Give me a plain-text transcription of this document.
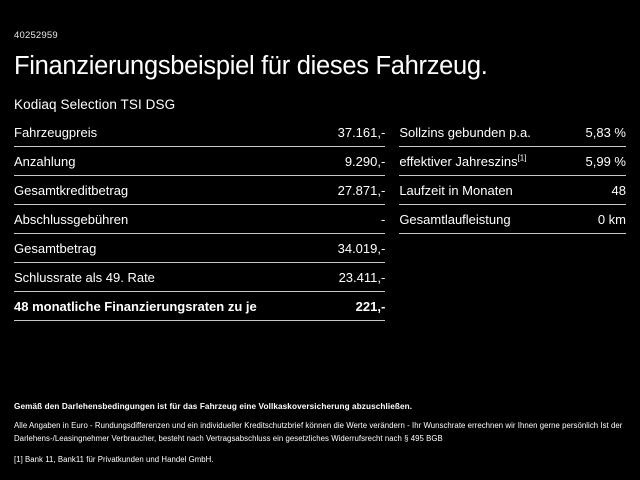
40252959
Finanzierungsbeispiel für dieses Fahrzeug.
Kodiaq Selection TSI DSG
Fahrzeugpreis	37.161,-
Anzahlung	9.290,-
Gesamtkreditbetrag	27.871,-
Abschlussgebühren	-
Gesamtbetrag	34.019,-
Schlussrate als 49. Rate	23.411,-
48 monatliche Finanzierungsraten zu je	221,-
Sollzins gebunden p.a.	5,83 %
effektiver Jahreszins[1]	5,99 %
Laufzeit in Monaten	48
Gesamtlaufleistung	0 km
Gemäß den Darlehensbedingungen ist für das Fahrzeug eine Vollkaskoversicherung abzuschließen.
Alle Angaben in Euro - Rundungsdifferenzen und ein individueller Kreditschutzbrief können die Werte verändern - Ihr Wunschrate errechnen wir Ihnen gerne persönlich Ist der Darlehens-/Leasingnehmer Verbraucher, besteht nach Vertragsabschluss ein gesetzliches Widerrufsrecht nach § 495 BGB
[1] Bank 11, Bank11 für Privatkunden und Handel GmbH.
